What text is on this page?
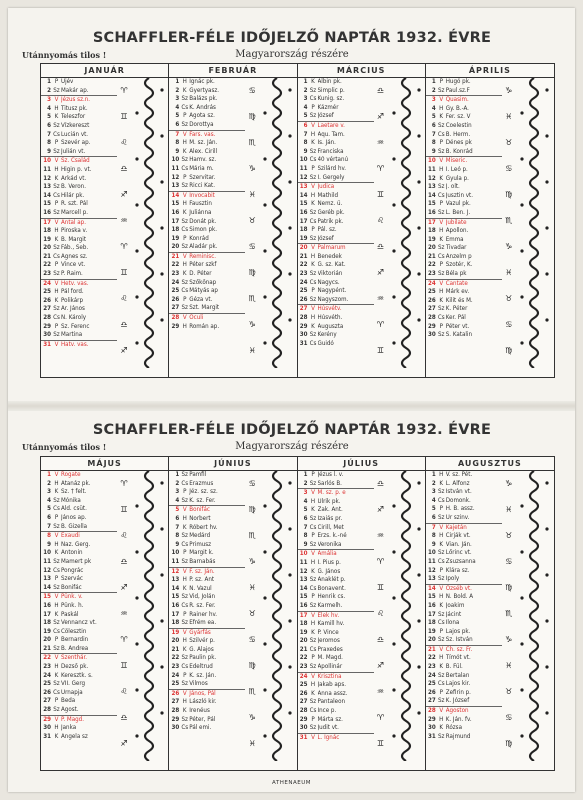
SCHAFFLER-FÉLE IDŐJELZŐ NAPTÁR 1932. ÉVRE
Utánnyomás tilos !	Magyarország részére
JANUÁR
1 P Újév
2 Sz Makár ap.
3 V Jézus sz.n.
4 H Titusz pk.
5 K Teleszfor
6 Sz Vízkereszt
7 Cs Lucián vt.
8 P Szevér ap.
9 Sz Julián vt.
10 V Sz. Család
11 H Higin p. vt.
12 K Árkád vt.
13 Sz B. Veron.
14 Cs Hilár pk.
15 P R. szt. Pál
16 Sz Marcell p.
17 V Antal ap.
18 H Piroska v.
19 K B. Margit
20 Sz Fáb., Seb.
21 Cs Ágnes sz.
22 P Vince vt.
23 Sz P. Raim.
24 V Hetv. vas.
25 H Pál ford.
26 K Polikárp
27 Sz Ar. János
28 Cs N. Károly
29 P Sz. Ferenc
30 Sz Martina
31 V Hatv. vas.
♈
♊
♌
♎
♐
♒
♈
♊
♌
♎
♐
FEBRUÁR
1 H Ignác pk.
2 K Gyertyasz.
3 Sz Balázs pk.
4 Cs K. András
5 P Ágota sz.
6 Sz Dorottya
7 V Fars. vas.
8 H M. sz. Ján.
9 K Alex. Cirill
10 Sz Hamv. sz.
11 Cs Mária m.
12 P Szervitar.
13 Sz Ricci Kat.
14 V Invocabit
15 H Fausztin
16 K Juliánna
17 Sz Donát pk.
18 Cs Simon pk.
19 P Konrád
20 Sz Aladár pk.
21 V Reminisc.
22 H Péter szkf
23 K D. Péter
24 Sz Szőkőnap
25 Cs Mátyás ap
26 P Géza vt.
27 Sz Szt. Margit
28 V Oculi
29 H Román ap.
♋
♍
♏
♑
♓
♉
♋
♍
♏
♑
♓
MÁRCIUS
1 K Albin pk.
2 Sz Simplic p.
3 Cs Kunig. sz.
4 P Kázmér
5 Sz József
6 V Laetare v.
7 H Aqu. Tam.
8 K Is. Ján.
9 Sz Franciska
10 Cs 40 vértanú
11 P Szilárd hv.
12 Sz I. Gergely
13 V Judica
14 H Mathild
15 K Nemz. ü.
16 Sz Geréb pk.
17 Cs Patrik pk.
18 P Pál. sz.
19 Sz József
20 V Palmarum
21 H Benedek
22 K G. sz. Kat.
23 Sz Viktorián
24 Cs Nagycs.
25 P Nagypént.
26 Sz Nagyszom.
27 V Húsvétv.
28 H Húsvéth.
29 K Auguszta
30 Sz Kerény
31 Cs Guidó
♎
♐
♒
♈
♊
♌
♎
♐
♒
♈
♊
ÁPRILIS
1 P Hugó pk.
2 Sz Paul.sz.F
3 V Quasim.
4 H Gy. B.-A.
5 K Fer. sz. V
6 Sz Coelestin
7 Cs B. Herm.
8 P Dénes pk
9 Sz B. Konrád
10 V Miseric.
11 H I. Leó p.
12 K Gyula p.
13 Sz J. olt.
14 Cs Jusztin vt.
15 P Vazul pk.
16 Sz L. Ben. J.
17 V Jubilate
18 H Apollon.
19 K Emma
20 Sz Tivadar
21 Cs Anzelm p
22 P Szotér, K.
23 Sz Béla pk
24 V Cantate
25 H Márk ev.
26 K Kilit és M.
27 Sz K. Péter
28 Cs Ker. Pál
29 P Péter vt.
30 Sz S. Katalin
♑
♓
♉
♋
♍
♏
♑
♓
♉
♋
♍
SCHAFFLER-FÉLE IDŐJELZŐ NAPTÁR 1932. ÉVRE
Utánnyomás tilos !	Magyarország részére
MÁJUS
1 V Rogate
2 H Atanáz pk.
3 K Sz. † felt.
4 Sz Mónika
5 Cs Áld. csüt.
6 P János ap.
7 Sz B. Gizella
8 V Exaudi
9 H Naz. Gerg.
10 K Antonin
11 Sz Mamert pk
12 Cs Pongrác
13 P Szervác
14 Sz Bonifác
15 V Pünk. v.
16 H Pünk. h.
17 K Paskál
18 Sz Vennancz vt.
19 Cs Cölesztin
20 P Bernardin
21 Sz B. Andrea
22 V Szenthár.
23 H Dezső pk.
24 K Keresztk. s.
25 Sz VII. Gerg
26 Cs Úrnapja
27 P Beda
28 Sz Ágost.
29 V P. Magd.
30 H Janka
31 K Angela sz
♈
♊
♌
♎
♐
♒
♈
♊
♌
♎
♐
JÚNIUS
1 Sz Pamfil
2 Cs Erazmus
3 P Jéz. sz. sz.
4 Sz K. sz. Fer.
5 V Bonifác
6 H Norbert
7 K Róbert hv.
8 Sz Medárd
9 Cs Primusz
10 P Margit k.
11 Sz Barnabás
12 V F. sz. Ján.
13 H P. sz. Ant
14 K N. Vazul
15 Sz Vid, Jolán
16 Cs R. sz. Fer.
17 P Rainer hv.
18 Sz Efrém ea.
19 V Gyárfás
20 H Szilvér p.
21 K G. Alajos
22 Sz Paulin pk.
23 Cs Edeltrud
24 P K. sz. Ján.
25 Sz Vilmos
26 V János, Pál
27 H László kir.
28 K Irenéus
29 Sz Péter, Pál
30 Cs Pál emi.
♋
♍
♏
♑
♓
♉
♋
♍
♏
♑
♓
JÚLIUS
1 P Jézus l. v.
2 Sz Sarlós B.
3 V M. sz. p. e
4 H Ulrik pk.
5 K Zak. Ant.
6 Sz Izaiás pr.
7 Cs Cirill, Met
8 P Erzs. k.-né
9 Sz Veronika
10 V Amália
11 H I. Pius p.
12 K G. János
13 Sz Anaklét p.
14 Cs Bonavent.
15 P Henrik cs.
16 Sz Karmelh.
17 V Elek hv.
18 H Kamill hv.
19 K P. Vince
20 Sz Jeromos
21 Cs Praxedes
22 P M. Magd.
23 Sz Apollinár
24 V Krisztina
25 H Jakab aps.
26 K Anna assz.
27 Sz Pantaleon
28 Cs Ince p.
29 P Márta sz.
30 Sz Judit vt.
31 V L. Ignác
♎
♐
♒
♈
♊
♌
♎
♐
♒
♈
♊
AUGUSZTUS
1 H V. sz. Pét.
2 K L. Alfonz
3 Sz István vt.
4 Cs Domonk.
5 P H. B. assz.
6 Sz Ur szinv.
7 V Kajetán
8 H Cirják vt.
9 K Vian. Ján.
10 Sz Lőrinc vt.
11 Cs Zsuzsanna
12 P Klára sz.
13 Sz Ipoly
14 V Özséb vt.
15 H N. Bold. A
16 K Joakim
17 Sz Jácint
18 Cs Ilona
19 P Lajos pk.
20 Sz Sz. István
21 V Ch. sz. Fr.
22 H Tímót vt.
23 K B. Fül.
24 Sz Bertalan
25 Cs Lajos kir.
26 P Zefirin p.
27 Sz K. József
28 V Ágoston
29 H K. Ján. fv.
30 K Rózsa
31 Sz Rajmund
♑
♓
♉
♋
♍
♏
♑
♓
♉
♋
♍
ATHENAEUM
